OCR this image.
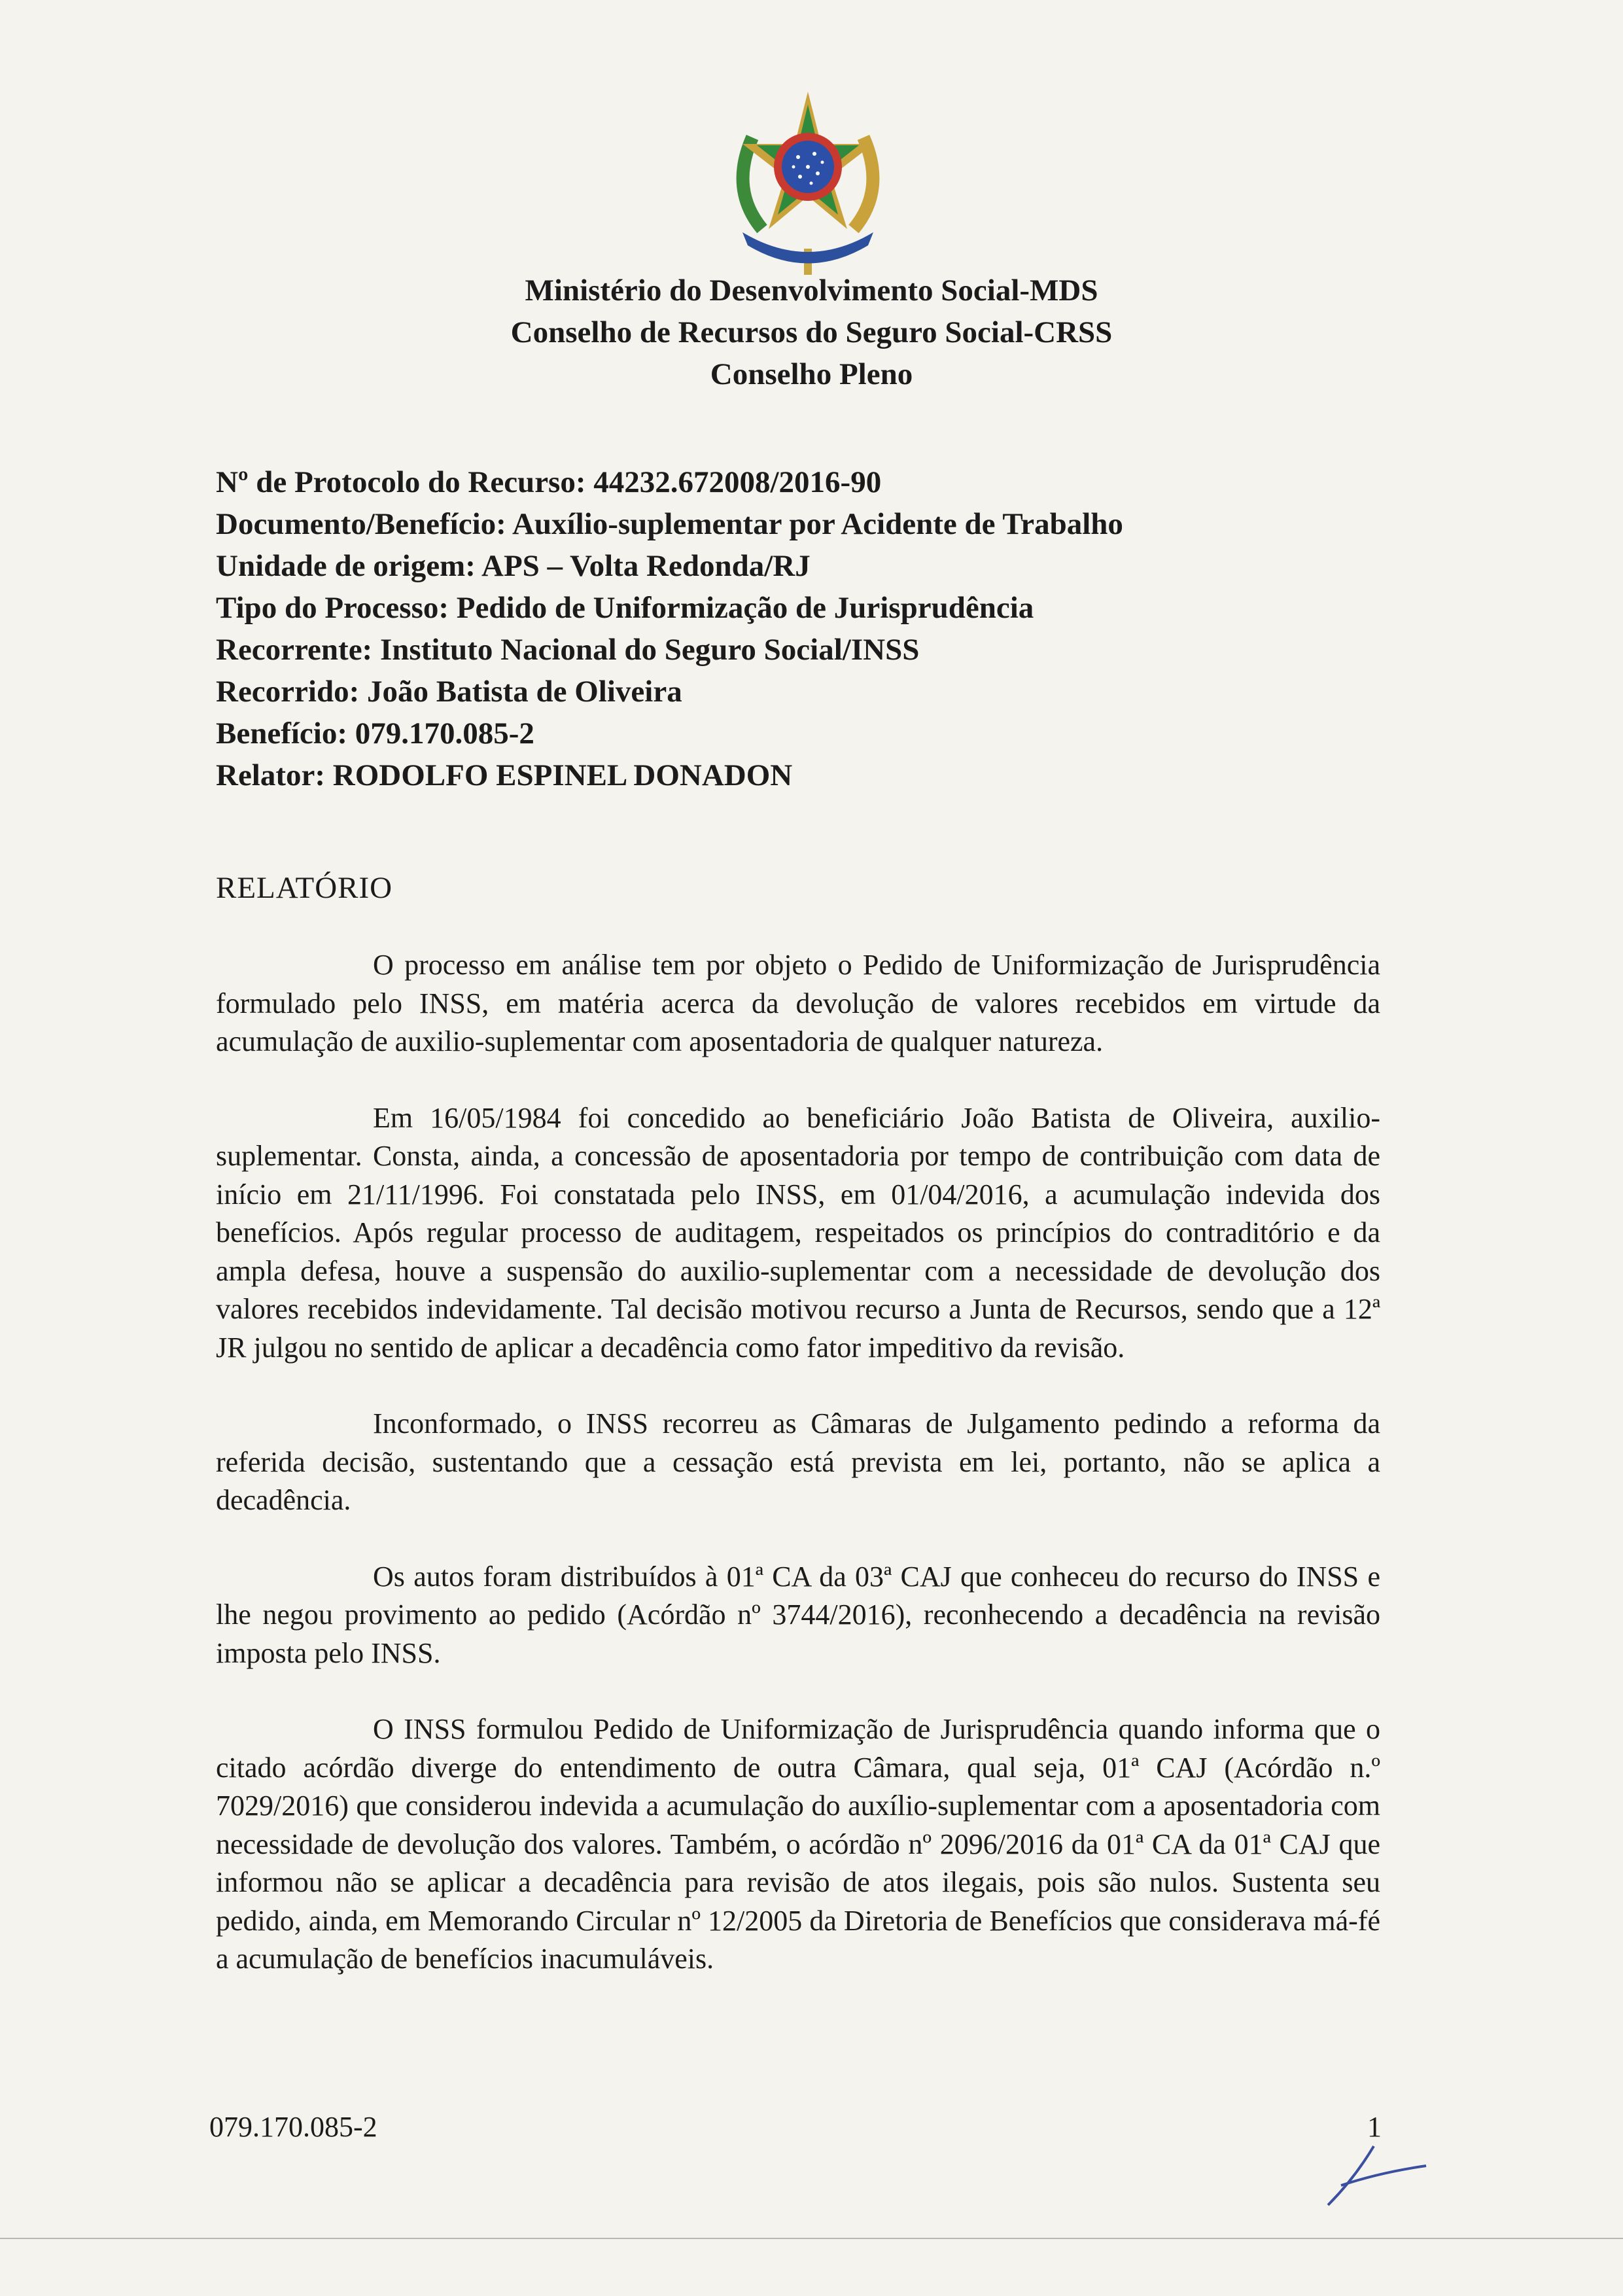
Ministério do Desenvolvimento Social-MDS
Conselho de Recursos do Seguro Social-CRSS
Conselho Pleno
Nº de Protocolo do Recurso: 44232.672008/2016-90
Documento/Benefício: Auxílio-suplementar por Acidente de Trabalho
Unidade de origem: APS – Volta Redonda/RJ
Tipo do Processo: Pedido de Uniformização de Jurisprudência
Recorrente: Instituto Nacional do Seguro Social/INSS
Recorrido: João Batista de Oliveira
Benefício: 079.170.085-2
Relator: RODOLFO ESPINEL DONADON
RELATÓRIO

O processo em análise tem por objeto o Pedido de Uniformização de Jurisprudência formulado pelo INSS, em matéria acerca da devolução de valores recebidos em virtude da acumulação de auxilio-suplementar com aposentadoria de qualquer natureza.

Em 16/05/1984 foi concedido ao beneficiário João Batista de Oliveira, auxilio-suplementar. Consta, ainda, a concessão de aposentadoria por tempo de contribuição com data de início em 21/11/1996. Foi constatada pelo INSS, em 01/04/2016, a acumulação indevida dos benefícios. Após regular processo de auditagem, respeitados os princípios do contraditório e da ampla defesa, houve a suspensão do auxilio-suplementar com a necessidade de devolução dos valores recebidos indevidamente. Tal decisão motivou recurso a Junta de Recursos, sendo que a 12ª JR julgou no sentido de aplicar a decadência como fator impeditivo da revisão.

Inconformado, o INSS recorreu as Câmaras de Julgamento pedindo a reforma da referida decisão, sustentando que a cessação está prevista em lei, portanto, não se aplica a decadência.

Os autos foram distribuídos à 01ª CA da 03ª CAJ que conheceu do recurso do INSS e lhe negou provimento ao pedido (Acórdão nº 3744/2016), reconhecendo a decadência na revisão imposta pelo INSS.

O INSS formulou Pedido de Uniformização de Jurisprudência quando informa que o citado acórdão diverge do entendimento de outra Câmara, qual seja, 01ª CAJ (Acórdão n.º 7029/2016) que considerou indevida a acumulação do auxílio-suplementar com a aposentadoria com necessidade de devolução dos valores. Também, o acórdão nº 2096/2016 da 01ª CA da 01ª CAJ que informou não se aplicar a decadência para revisão de atos ilegais, pois são nulos. Sustenta seu pedido, ainda, em Memorando Circular nº 12/2005 da Diretoria de Benefícios que considerava má-fé a acumulação de benefícios inacumuláveis.

079.170.085-2	1
